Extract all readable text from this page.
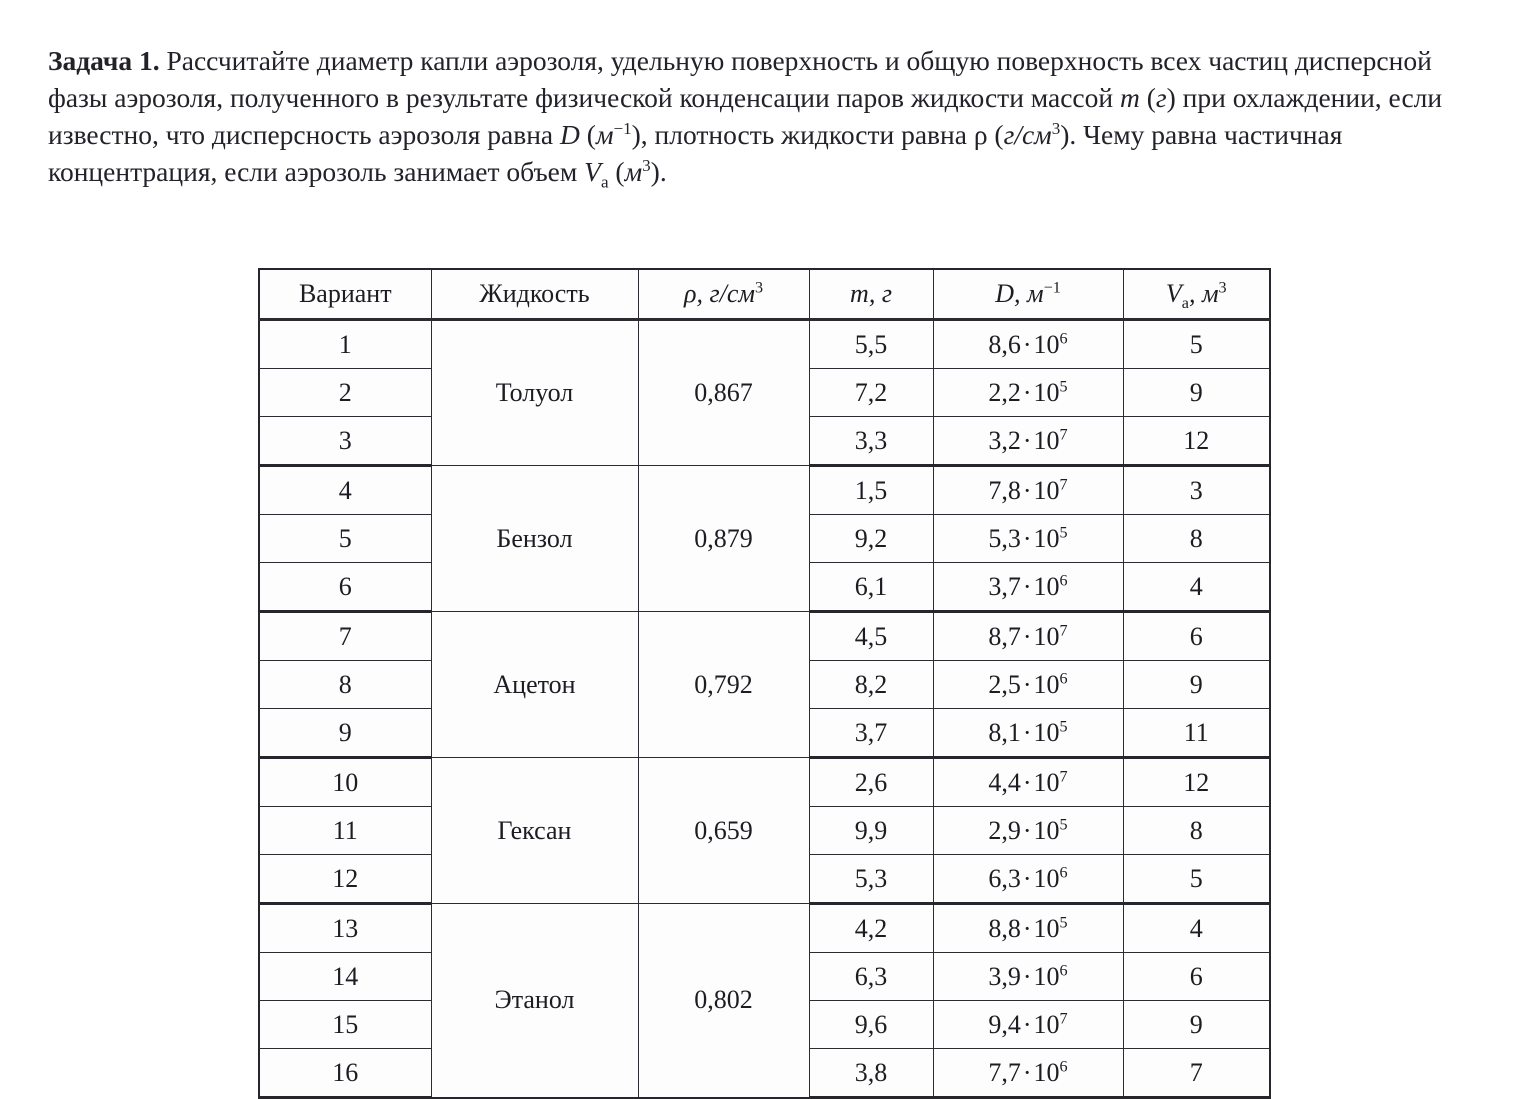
Задача 1. Рассчитайте диаметр капли аэрозоля, удельную поверхность и общую поверхность всех частиц дисперсной фазы аэрозоля, полученного в результате физической конденсации паров жидкости массой m (г) при охлаждении, если известно, что дисперсность аэрозоля равна D $(м^{-1})$, плотность жидкости равна ρ $(г/см^3)$. Чему равна частичная концентрация, если аэрозоль занимает объем $V_а$ $(м^3)$.

Вариант	Жидкость	ρ, $г/см^3$	m, г	D, $м^{-1}$	$V_а$, $м^3$
1	Толуол	0,867	5,5	$8,6\cdot 10^6$	5
2			7,2	$2,2\cdot 10^5$	9
3			3,3	$3,2\cdot 10^7$	12
4	Бензол	0,879	1,5	$7,8\cdot 10^7$	3
5			9,2	$5,3\cdot 10^5$	8
6			6,1	$3,7\cdot 10^6$	4
7	Ацетон	0,792	4,5	$8,7\cdot 10^7$	6
8			8,2	$2,5\cdot 10^6$	9
9			3,7	$8,1\cdot 10^5$	11
10	Гексан	0,659	2,6	$4,4\cdot 10^7$	12
11			9,9	$2,9\cdot 10^5$	8
12			5,3	$6,3\cdot 10^6$	5
13	Этанол	0,802	4,2	$8,8\cdot 10^5$	4
14			6,3	$3,9\cdot 10^6$	6
15			9,6	$9,4\cdot 10^7$	9
16			3,8	$7,7\cdot 10^6$	7
